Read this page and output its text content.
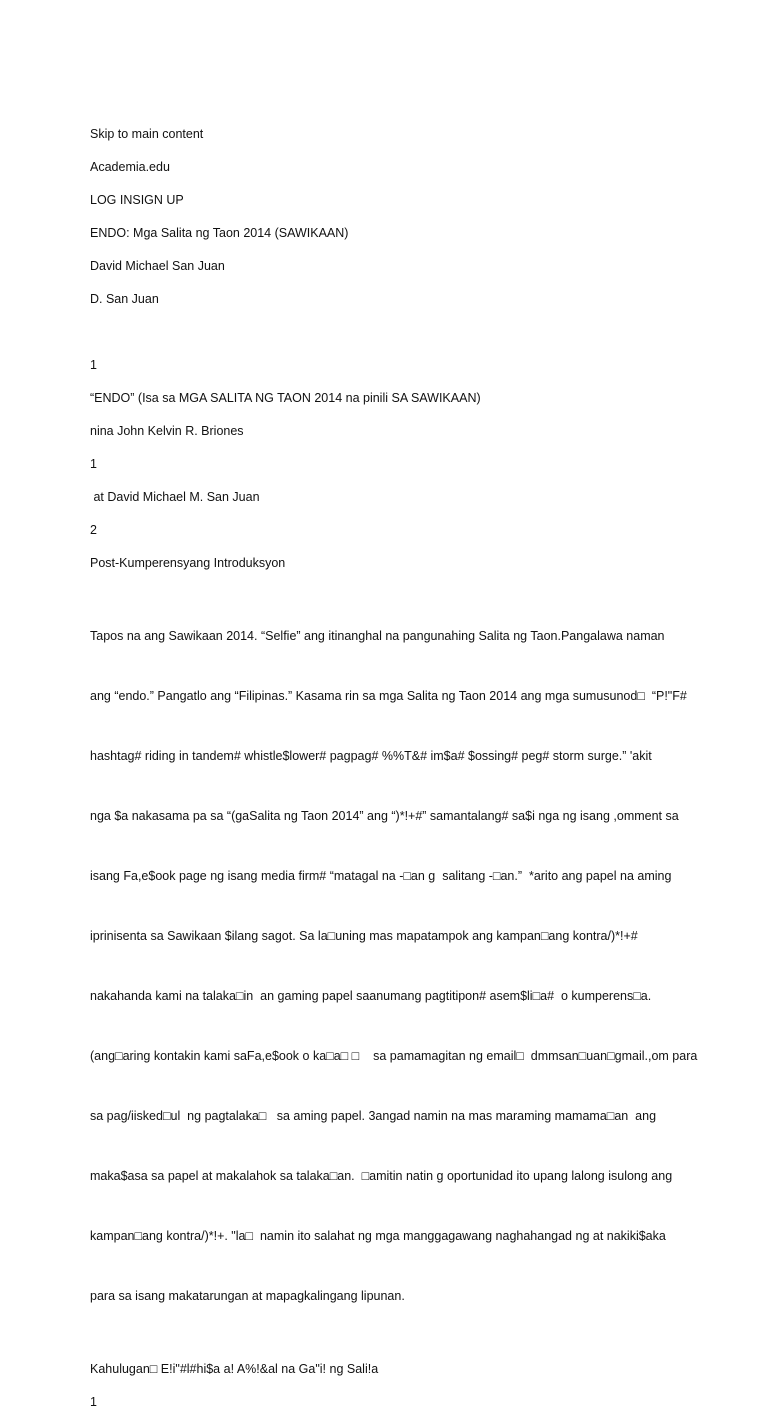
Skip to main content
Academia.edu
LOG INSIGN UP
ENDO: Mga Salita ng Taon 2014 (SAWIKAAN)
David Michael San Juan
D. San Juan
1
“ENDO” (Isa sa MGA SALITA NG TAON 2014 na pinili SA SAWIKAAN)
nina John Kelvin R. Briones
1
at David Michael M. San Juan
2
Post-Kumperensyang Introduksyon

Tapos na ang Sawikaan 2014. “Selfie” ang itinanghal na pangunahing Salita ng Taon.Pangalawa naman

ang “endo.” Pangatlo ang “Filipinas.” Kasama rin sa mga Salita ng Taon 2014 ang mga sumusunod□  “P!"F#

hashtag# riding in tandem# whistle$lower# pagpag# %%T&# im$a# $ossing# peg# storm surge.” 'akit

nga $a nakasama pa sa “(gaSalita ng Taon 2014” ang “)*!+#” samantalang# sa$i nga ng isang ,omment sa

isang Fa,e$ook page ng isang media firm# “matagal na -□an g  salitang -□an.”  *arito ang papel na aming

iprinisenta sa Sawikaan $ilang sagot. Sa la□uning mas mapatampok ang kampan□ang kontra/)*!+#

nakahanda kami na talaka□in  an gaming papel saanumang pagtitipon# asem$li□a#  o kumperens□a.

(ang□aring kontakin kami saFa,e$ook o ka□a□ □    sa pamamagitan ng email□  dmmsan□uan□gmail.,om para

sa pag/iisked□ul  ng pagtalaka□   sa aming papel. 3angad namin na mas maraming mamama□an  ang

maka$asa sa papel at makalahok sa talaka□an.  □amitin natin g oportunidad ito upang lalong isulong ang

kampan□ang kontra/)*!+. "la□  namin ito salahat ng mga manggagawang naghahangad ng at nakiki$aka

para sa isang makatarungan at mapagkalingang lipunan.

Kahulugan□ E!i"#l#hi$a a! A%!&al na Ga"i! ng Sali!a
1
